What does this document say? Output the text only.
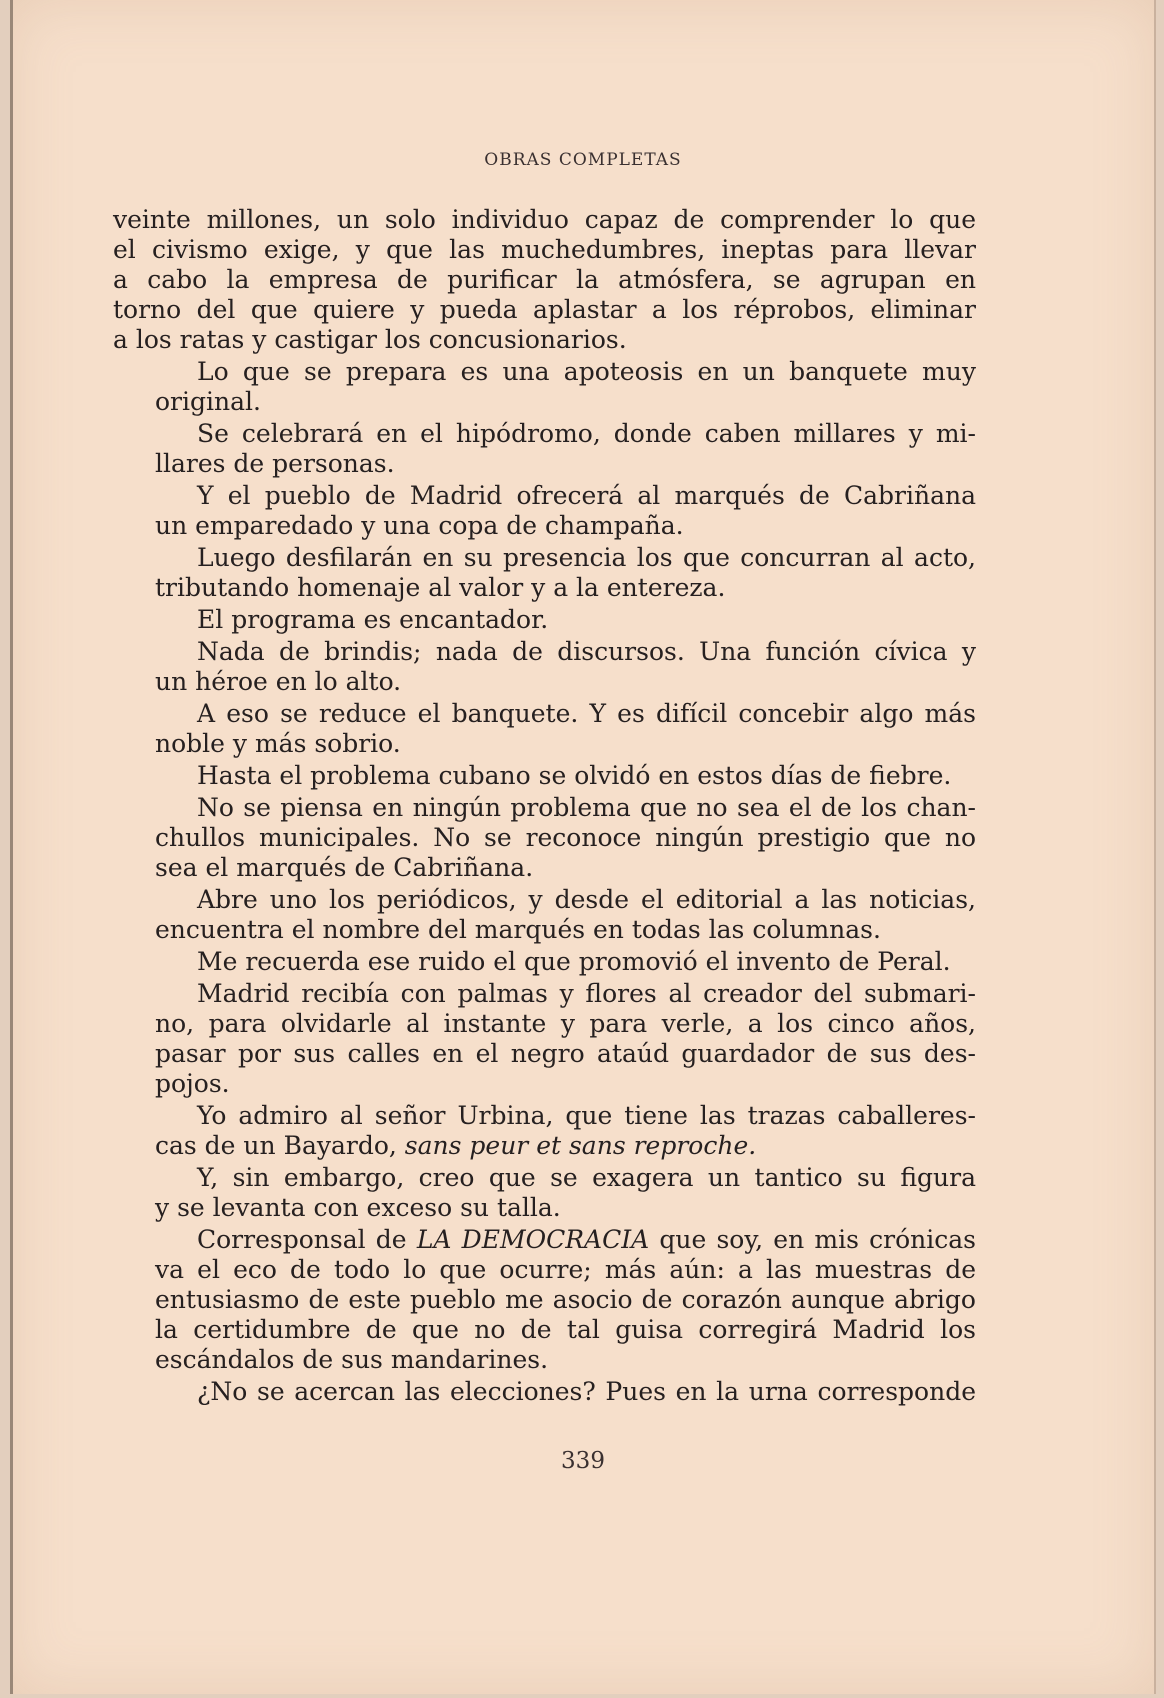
OBRAS COMPLETAS
veinte millones, un solo individuo capaz de comprender lo que
el civismo exige, y que las muchedumbres, ineptas para llevar
a cabo la empresa de purificar la atmósfera, se agrupan en
torno del que quiere y pueda aplastar a los réprobos, eliminar
a los ratas y castigar los concusionarios.
Lo que se prepara es una apoteosis en un banquete muy
original.
Se celebrará en el hipódromo, donde caben millares y mi-
llares de personas.
Y el pueblo de Madrid ofrecerá al marqués de Cabriñana
un emparedado y una copa de champaña.
Luego desfilarán en su presencia los que concurran al acto,
tributando homenaje al valor y a la entereza.
El programa es encantador.
Nada de brindis; nada de discursos. Una función cívica y
un héroe en lo alto.
A eso se reduce el banquete. Y es difícil concebir algo más
noble y más sobrio.
Hasta el problema cubano se olvidó en estos días de fiebre.
No se piensa en ningún problema que no sea el de los chan-
chullos municipales. No se reconoce ningún prestigio que no
sea el marqués de Cabriñana.
Abre uno los periódicos, y desde el editorial a las noticias,
encuentra el nombre del marqués en todas las columnas.
Me recuerda ese ruido el que promovió el invento de Peral.
Madrid recibía con palmas y flores al creador del submari-
no, para olvidarle al instante y para verle, a los cinco años,
pasar por sus calles en el negro ataúd guardador de sus des-
pojos.
Yo admiro al señor Urbina, que tiene las trazas caballeres-
cas de un Bayardo, sans peur et sans reproche.
Y, sin embargo, creo que se exagera un tantico su figura
y se levanta con exceso su talla.
Corresponsal de LA DEMOCRACIA que soy, en mis crónicas
va el eco de todo lo que ocurre; más aún: a las muestras de
entusiasmo de este pueblo me asocio de corazón aunque abrigo
la certidumbre de que no de tal guisa corregirá Madrid los
escándalos de sus mandarines.
¿No se acercan las elecciones? Pues en la urna corresponde
339
